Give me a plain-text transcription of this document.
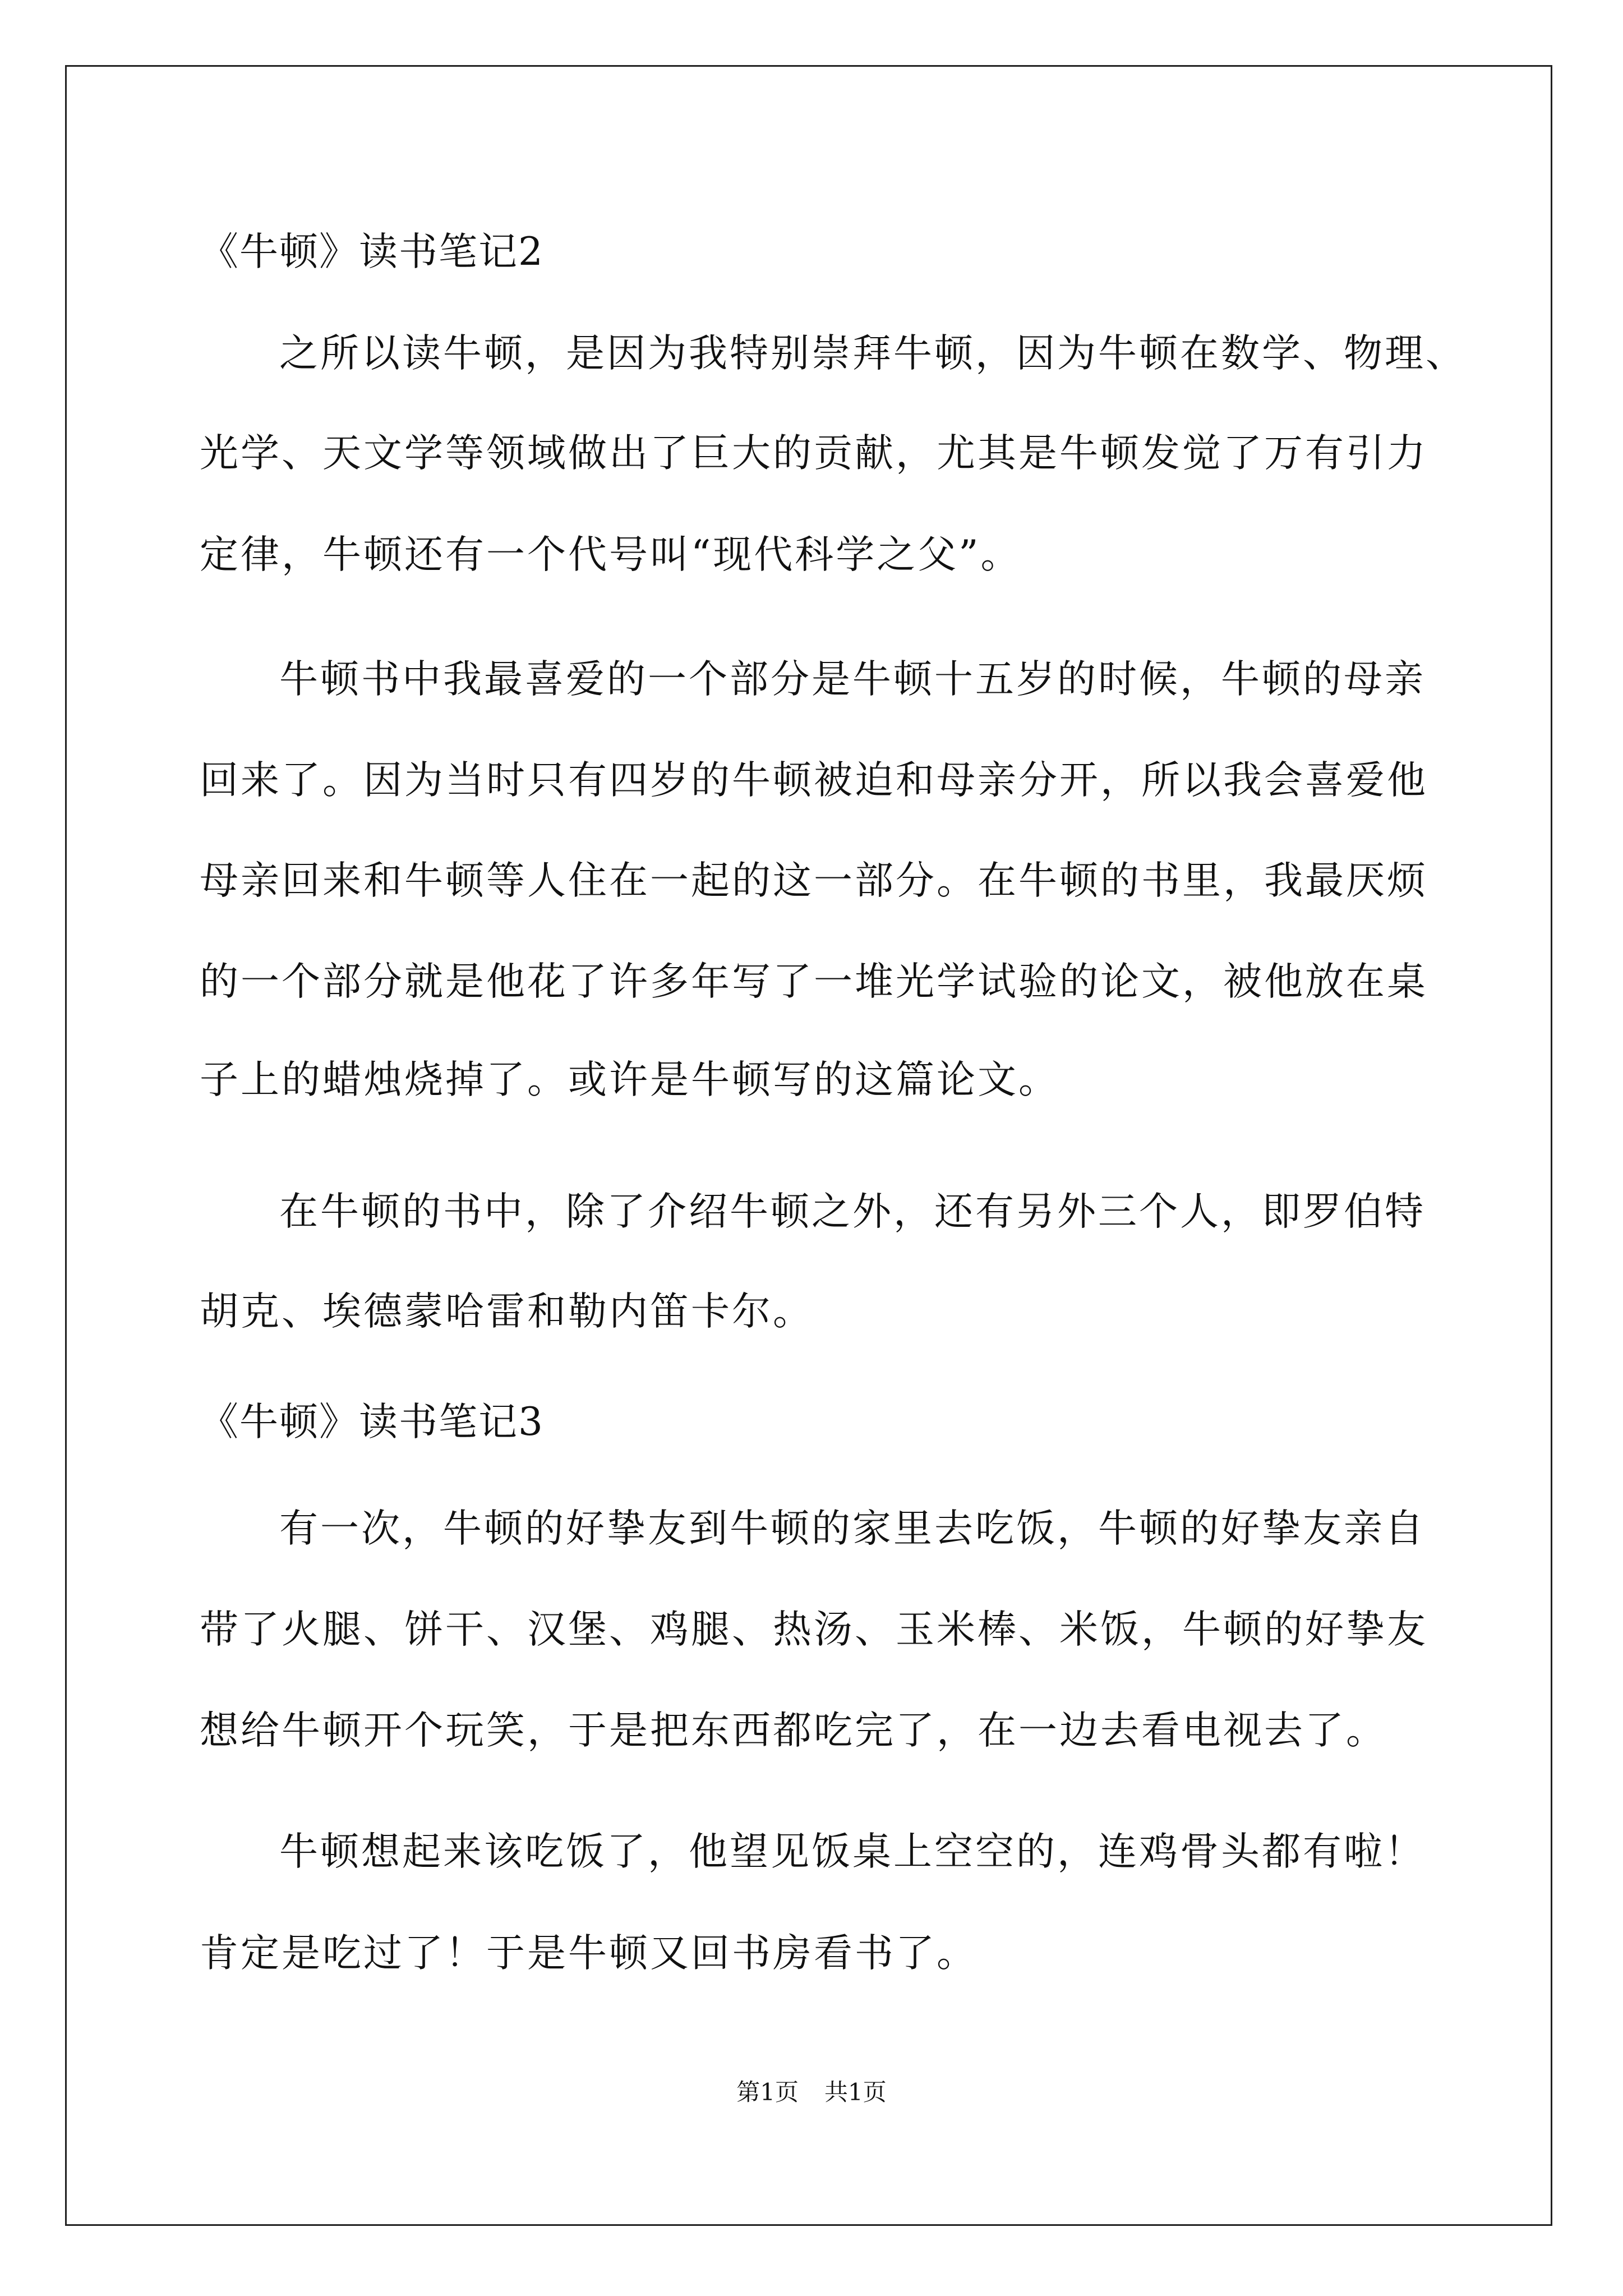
《牛顿》读书笔记2
之所以读牛顿，是因为我特别崇拜牛顿，因为牛顿在数学、物理、
光学、天文学等领域做出了巨大的贡献，尤其是牛顿发觉了万有引力
定律，牛顿还有一个代号叫“现代科学之父”。
牛顿书中我最喜爱的一个部分是牛顿十五岁的时候，牛顿的母亲
回来了。因为当时只有四岁的牛顿被迫和母亲分开，所以我会喜爱他
母亲回来和牛顿等人住在一起的这一部分。在牛顿的书里，我最厌烦
的一个部分就是他花了许多年写了一堆光学试验的论文，被他放在桌
子上的蜡烛烧掉了。或许是牛顿写的这篇论文。
在牛顿的书中，除了介绍牛顿之外，还有另外三个人，即罗伯特
胡克、埃德蒙哈雷和勒内笛卡尔。
《牛顿》读书笔记3
有一次，牛顿的好挚友到牛顿的家里去吃饭，牛顿的好挚友亲自
带了火腿、饼干、汉堡、鸡腿、热汤、玉米棒、米饭，牛顿的好挚友
想给牛顿开个玩笑，于是把东西都吃完了，在一边去看电视去了。
牛顿想起来该吃饭了，他望见饭桌上空空的，连鸡骨头都有啦！
肯定是吃过了！于是牛顿又回书房看书了。
第1页 共1页
